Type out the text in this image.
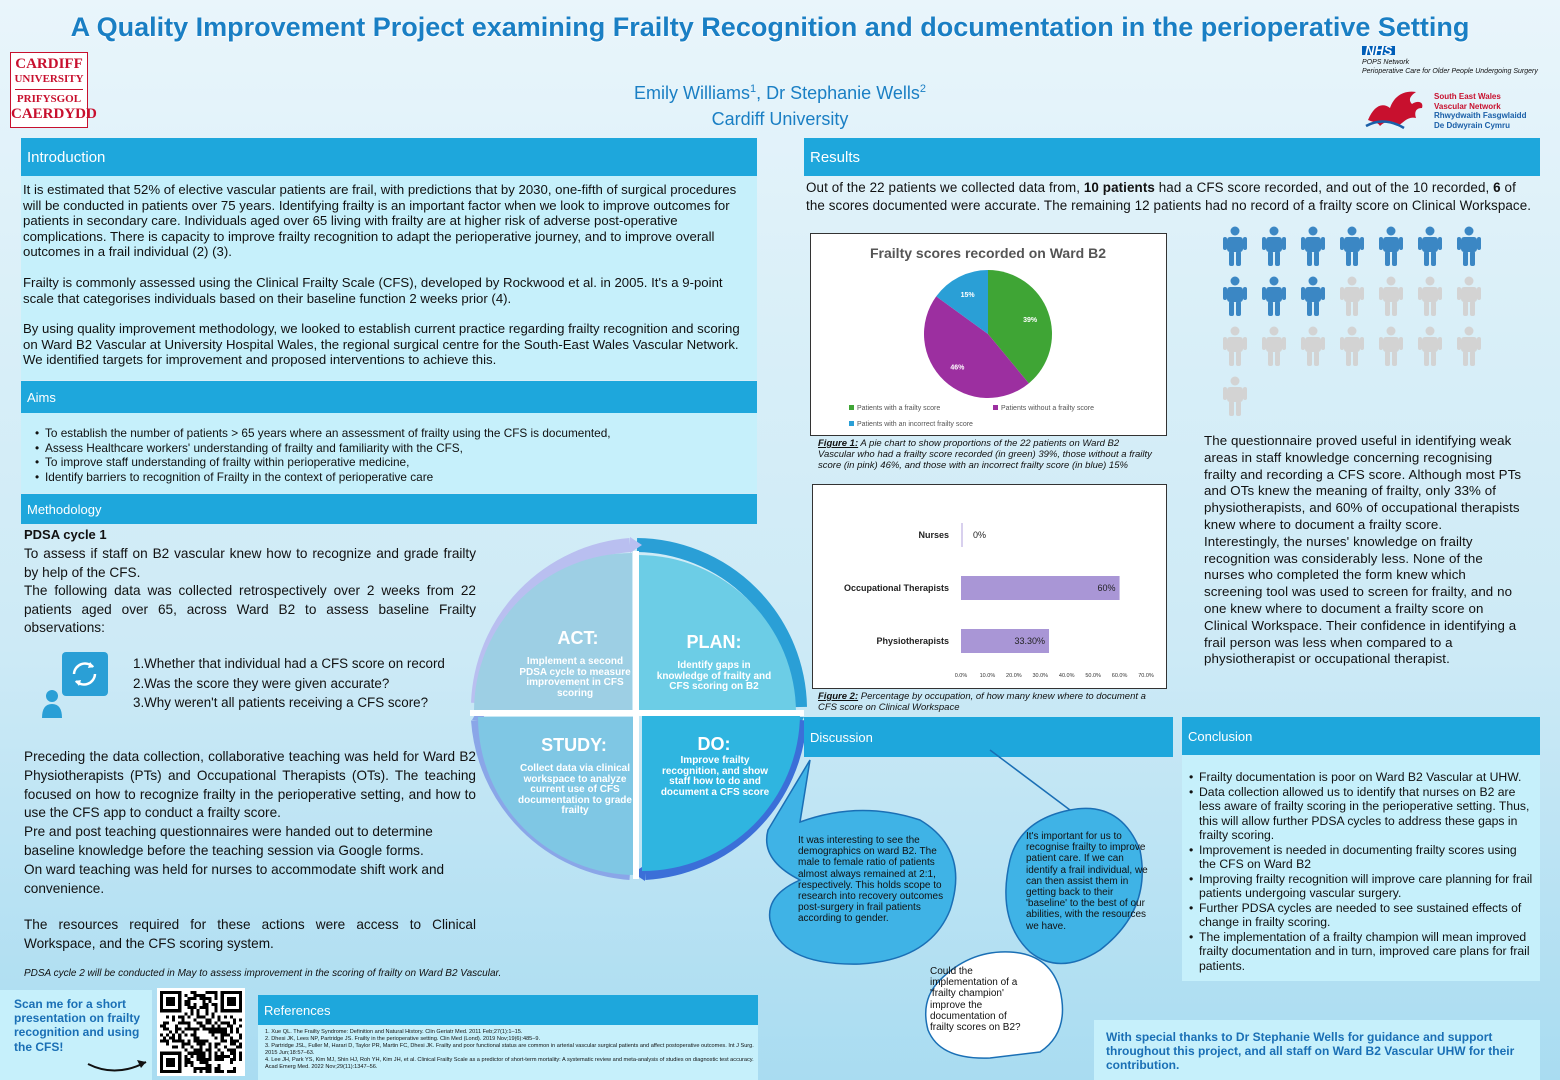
A Quality Improvement Project examining Frailty Recognition and documentation in the perioperative Setting
CARDIFF
UNIVERSITY
PRIFYSGOL
CAERDYDD
Emily Williams$^1$, Dr Stephanie Wells$^2$
Cardiff University
NHS
POPS Network
Perioperative Care for Older People Undergoing Surgery
South East Wales
Vascular Network
Rhwydwaith Fasgwlaidd
De Ddwyrain Cymru
Introduction

It is estimated that 52% of elective vascular patients are frail, with predictions that by 2030, one-fifth of surgical procedures will be conducted in patients over 75 years. Identifying frailty is an important factor when we look to improve outcomes for patients in secondary care. Individuals aged over 65 living with frailty are at higher risk of adverse post-operative complications. There is capacity to improve frailty recognition to adapt the perioperative journey, and to improve overall outcomes in a frail individual (2) (3).

Frailty is commonly assessed using the Clinical Frailty Scale (CFS), developed by Rockwood et al. in 2005. It's a 9-point scale that categorises individuals based on their baseline function 2 weeks prior (4).

By using quality improvement methodology, we looked to establish current practice regarding frailty recognition and scoring on Ward B2 Vascular at University Hospital Wales, the regional surgical centre for the South-East Wales Vascular Network. We identified targets for improvement and proposed interventions to achieve this.

Aims
• To establish the number of patients > 65 years where an assessment of frailty using the CFS is documented,
• Assess Healthcare workers' understanding of frailty and familiarity with the CFS,
• To improve staff understanding of frailty within perioperative medicine,
• Identify barriers to recognition of Frailty in the context of perioperative care
Methodology
PDSA cycle 1

To assess if staff on B2 vascular knew how to recognize and grade frailty by help of the CFS.

The following data was collected retrospectively over 2 weeks from 22 patients aged over 65, across Ward B2 to assess baseline Frailty observations:

1.Whether that individual had a CFS score on record
2.Was the score they were given accurate?
3.Why weren't all patients receiving a CFS score?

Preceding the data collection, collaborative teaching was held for Ward B2 Physiotherapists (PTs) and Occupational Therapists (OTs). The teaching focused on how to recognize frailty in the perioperative setting, and how to use the CFS app to conduct a frailty score.

Pre and post teaching questionnaires were handed out to determine baseline knowledge before the teaching session via Google forms.

On ward teaching was held for nurses to accommodate shift work and convenience.

The resources required for these actions were access to Clinical Workspace, and the CFS scoring system.

PDSA cycle 2 will be conducted in May to assess improvement in the scoring of frailty on Ward B2 Vascular.
ACT:
Implement a second PDSA cycle to measure improvement in CFS scoring
PLAN:
Identify gaps in knowledge of frailty and CFS scoring on B2
STUDY:
Collect data via clinical workspace to analyze current use of CFS documentation to grade frailty
DO:
Improve frailty recognition, and show staff how to do and document a CFS score
Scan me for a short presentation on frailty recognition and using the CFS!
References
1. Xue QL. The Frailty Syndrome: Definition and Natural History. Clin Geriatr Med. 2011 Feb;27(1):1–15.
2. Dhesi JK, Lees NP, Partridge JS. Frailty in the perioperative setting. Clin Med (Lond). 2019 Nov;19(6):485–9.
3. Partridge JSL, Fuller M, Harari D, Taylor PR, Martin FC, Dhesi JK. Frailty and poor functional status are common in arterial vascular surgical patients and affect postoperative outcomes. Int J Surg. 2015 Jun;18:57–63.
4. Lee JH, Park YS, Kim MJ, Shin HJ, Roh YH, Kim JH, et al. Clinical Frailty Scale as a predictor of short-term mortality: A systematic review and meta-analysis of studies on diagnostic test accuracy. Acad Emerg Med. 2022 Nov;29(11):1347–56.
Results
Out of the 22 patients we collected data from, 10 patients had a CFS score recorded, and out of the 10 recorded, 6 of the scores documented were accurate. The remaining 12 patients had no record of a frailty score on Clinical Workspace.
Frailty scores recorded on Ward B2
39%
46%
15%
Patients with a frailty score	Patients without a frailty score
Patients with an incorrect frailty score
Figure 1: A pie chart to show proportions of the 22 patients on Ward B2 Vascular who had a frailty score recorded (in green) 39%, those without a frailty score (in pink) 46%, and those with an incorrect frailty score (in blue) 15%
Nurses	0%
Occupational Therapists	60%
Physiotherapists	33.30%
0.0% 10.0% 20.0% 30.0% 40.0% 50.0% 60.0% 70.0%
Figure 2: Percentage by occupation, of how many knew where to document a CFS score on Clinical Workspace

The questionnaire proved useful in identifying weak areas in staff knowledge concerning recognising frailty and recording a CFS score. Although most PTs and OTs knew the meaning of frailty, only 33% of physiotherapists, and 60% of occupational therapists knew where to document a frailty score.

Interestingly, the nurses' knowledge on frailty recognition was considerably less. None of the nurses who completed the form knew which screening tool was used to screen for frailty, and no one knew where to document a frailty score on Clinical Workspace. Their confidence in identifying a frail person was less when compared to a physiotherapist or occupational therapist.

Discussion
It was interesting to see the demographics on ward B2. The male to female ratio of patients almost always remained at 2:1, respectively. This holds scope to research into recovery outcomes post-surgery in frail patients according to gender.
It's important for us to recognise frailty to improve patient care. If we can identify a frail individual, we can then assist them in getting back to their 'baseline' to the best of our abilities, with the resources we have.
Could the implementation of a 'frailty champion' improve the documentation of frailty scores on B2?
Conclusion
• Frailty documentation is poor on Ward B2 Vascular at UHW.
• Data collection allowed us to identify that nurses on B2 are less aware of frailty scoring in the perioperative setting. Thus, this will allow further PDSA cycles to address these gaps in frailty scoring.
• Improvement is needed in documenting frailty scores using the CFS on Ward B2
• Improving frailty recognition will improve care planning for frail patients undergoing vascular surgery.
• Further PDSA cycles are needed to see sustained effects of change in frailty scoring.
• The implementation of a frailty champion will mean improved frailty documentation and in turn, improved care plans for frail patients.
With special thanks to Dr Stephanie Wells for guidance and support throughout this project, and all staff on Ward B2 Vascular UHW for their contribution.
